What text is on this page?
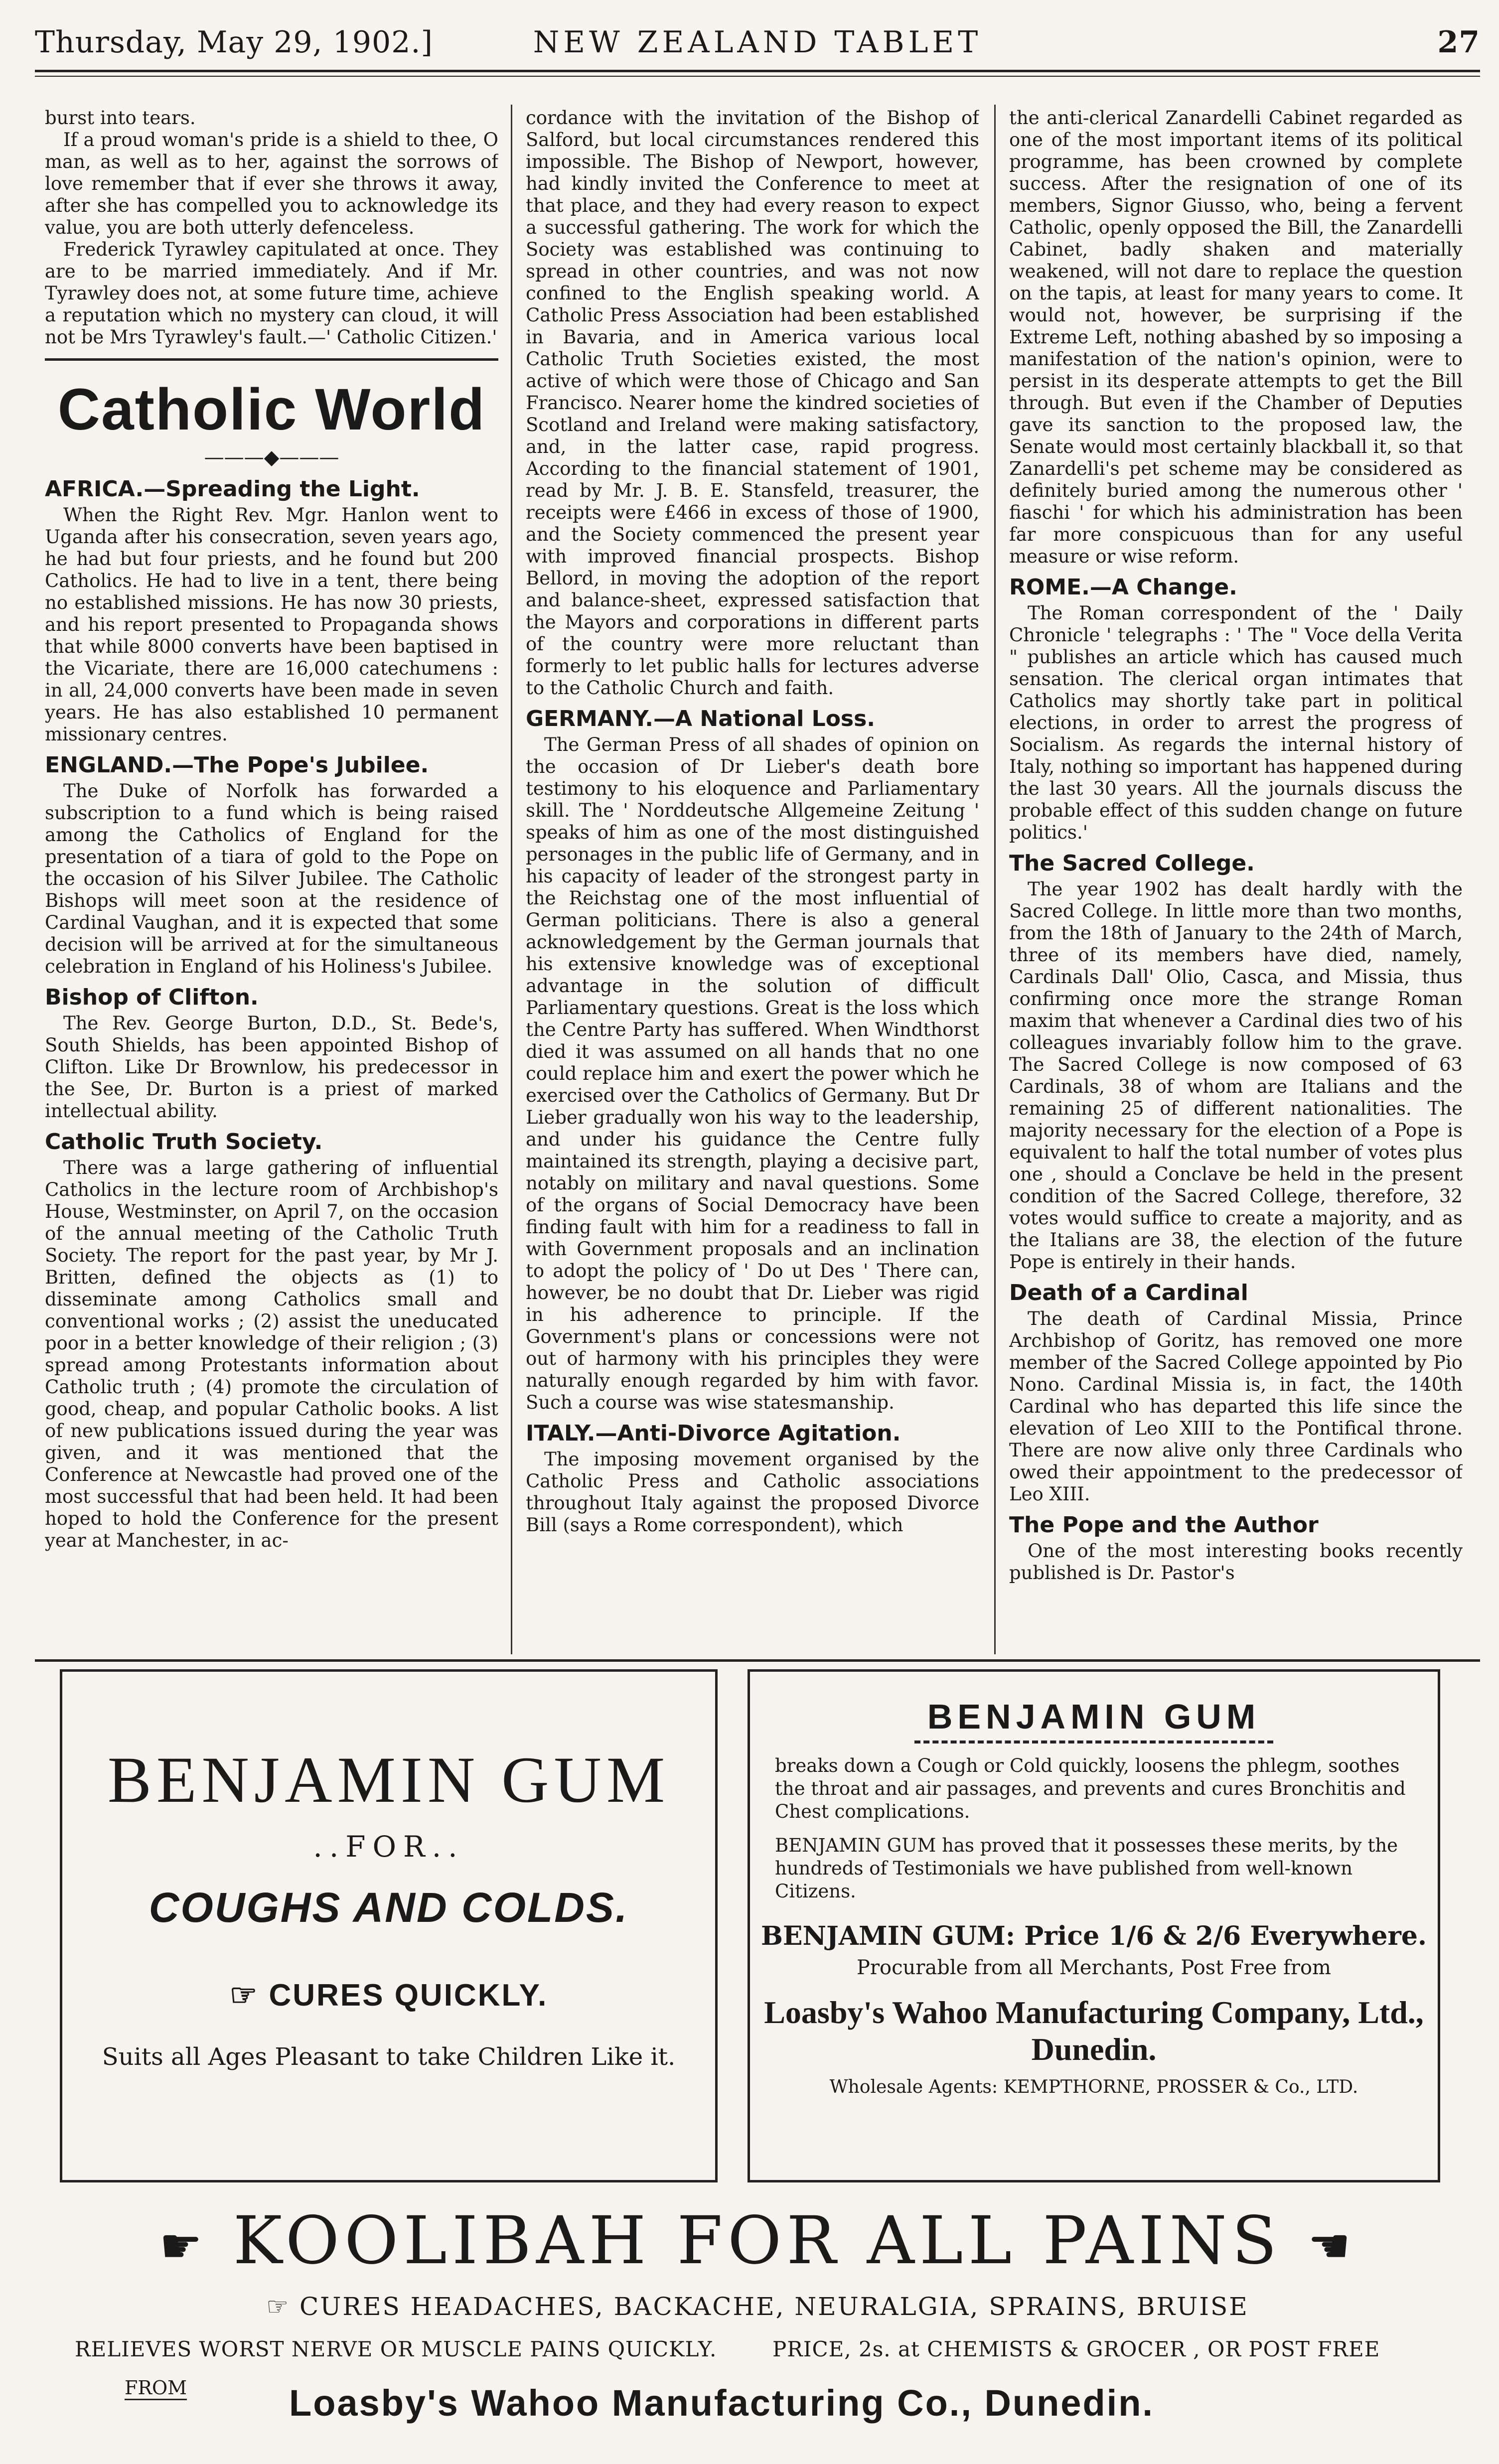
Thursday, May 29, 1902.]	NEW ZEALAND TABLET	27

burst into tears.

If a proud woman's pride is a shield to thee, O man, as well as to her, against the sorrows of love remember that if ever she throws it away, after she has compelled you to acknowledge its value, you are both utterly defenceless.

Frederick Tyrawley capitulated at once. They are to be married immediately. And if Mr. Tyrawley does not, at some future time, achieve a reputation which no mystery can cloud, it will not be Mrs Tyrawley's fault.—' Catholic Citizen.'

Catholic World
———◆———
AFRICA.—Spreading the Light.

When the Right Rev. Mgr. Hanlon went to Uganda after his consecration, seven years ago, he had but four priests, and he found but 200 Catholics. He had to live in a tent, there being no established missions. He has now 30 priests, and his report presented to Propaganda shows that while 8000 converts have been baptised in the Vicariate, there are 16,000 catechumens : in all, 24,000 converts have been made in seven years. He has also established 10 permanent missionary centres.

ENGLAND.—The Pope's Jubilee.

The Duke of Norfolk has forwarded a subscription to a fund which is being raised among the Catholics of England for the presentation of a tiara of gold to the Pope on the occasion of his Silver Jubilee. The Catholic Bishops will meet soon at the residence of Cardinal Vaughan, and it is expected that some decision will be arrived at for the simultaneous celebration in England of his Holiness's Jubilee.

Bishop of Clifton.

The Rev. George Burton, D.D., St. Bede's, South Shields, has been appointed Bishop of Clifton. Like Dr Brownlow, his predecessor in the See, Dr. Burton is a priest of marked intellectual ability.

Catholic Truth Society.

There was a large gathering of influential Catholics in the lecture room of Archbishop's House, Westminster, on April 7, on the occasion of the annual meeting of the Catholic Truth Society. The report for the past year, by Mr J. Britten, defined the objects as (1) to disseminate among Catholics small and conventional works ; (2) assist the uneducated poor in a better knowledge of their religion ; (3) spread among Protestants information about Catholic truth ; (4) promote the circulation of good, cheap, and popular Catholic books. A list of new publications issued during the year was given, and it was mentioned that the Conference at Newcastle had proved one of the most successful that had been held. It had been hoped to hold the Conference for the present year at Manchester, in ac-

cordance with the invitation of the Bishop of Salford, but local circumstances rendered this impossible. The Bishop of Newport, however, had kindly invited the Conference to meet at that place, and they had every reason to expect a successful gathering. The work for which the Society was established was continuing to spread in other countries, and was not now confined to the English speaking world. A Catholic Press Association had been established in Bavaria, and in America various local Catholic Truth Societies existed, the most active of which were those of Chicago and San Francisco. Nearer home the kindred societies of Scotland and Ireland were making satisfactory, and, in the latter case, rapid progress. According to the financial statement of 1901, read by Mr. J. B. E. Stansfeld, treasurer, the receipts were £466 in excess of those of 1900, and the Society commenced the present year with improved financial prospects. Bishop Bellord, in moving the adoption of the report and balance-sheet, expressed satisfaction that the Mayors and corporations in different parts of the country were more reluctant than formerly to let public halls for lectures adverse to the Catholic Church and faith.

GERMANY.—A National Loss.

The German Press of all shades of opinion on the occasion of Dr Lieber's death bore testimony to his eloquence and Parliamentary skill. The ' Norddeutsche Allgemeine Zeitung ' speaks of him as one of the most distinguished personages in the public life of Germany, and in his capacity of leader of the strongest party in the Reichstag one of the most influential of German politicians. There is also a general acknowledgement by the German journals that his extensive knowledge was of exceptional advantage in the solution of difficult Parliamentary questions. Great is the loss which the Centre Party has suffered. When Windthorst died it was assumed on all hands that no one could replace him and exert the power which he exercised over the Catholics of Germany. But Dr Lieber gradually won his way to the leadership, and under his guidance the Centre fully maintained its strength, playing a decisive part, notably on military and naval questions. Some of the organs of Social Democracy have been finding fault with him for a readiness to fall in with Government proposals and an inclination to adopt the policy of ' Do ut Des ' There can, however, be no doubt that Dr. Lieber was rigid in his adherence to principle. If the Government's plans or concessions were not out of harmony with his principles they were naturally enough regarded by him with favor. Such a course was wise statesmanship.

ITALY.—Anti-Divorce Agitation.

The imposing movement organised by the Catholic Press and Catholic associations throughout Italy against the proposed Divorce Bill (says a Rome correspondent), which

the anti-clerical Zanardelli Cabinet regarded as one of the most important items of its political programme, has been crowned by complete success. After the resignation of one of its members, Signor Giusso, who, being a fervent Catholic, openly opposed the Bill, the Zanardelli Cabinet, badly shaken and materially weakened, will not dare to replace the question on the tapis, at least for many years to come. It would not, however, be surprising if the Extreme Left, nothing abashed by so imposing a manifestation of the nation's opinion, were to persist in its desperate attempts to get the Bill through. But even if the Chamber of Deputies gave its sanction to the proposed law, the Senate would most certainly blackball it, so that Zanardelli's pet scheme may be considered as definitely buried among the numerous other ' fiaschi ' for which his administration has been far more conspicuous than for any useful measure or wise reform.

ROME.—A Change.

The Roman correspondent of the ' Daily Chronicle ' telegraphs : ' The " Voce della Verita " publishes an article which has caused much sensation. The clerical organ intimates that Catholics may shortly take part in political elections, in order to arrest the progress of Socialism. As regards the internal history of Italy, nothing so important has happened during the last 30 years. All the journals discuss the probable effect of this sudden change on future politics.'

The Sacred College.

The year 1902 has dealt hardly with the Sacred College. In little more than two months, from the 18th of January to the 24th of March, three of its members have died, namely, Cardinals Dall' Olio, Casca, and Missia, thus confirming once more the strange Roman maxim that whenever a Cardinal dies two of his colleagues invariably follow him to the grave. The Sacred College is now composed of 63 Cardinals, 38 of whom are Italians and the remaining 25 of different nationalities. The majority necessary for the election of a Pope is equivalent to half the total number of votes plus one , should a Conclave be held in the present condition of the Sacred College, therefore, 32 votes would suffice to create a majority, and as the Italians are 38, the election of the future Pope is entirely in their hands.

Death of a Cardinal

The death of Cardinal Missia, Prince Archbishop of Goritz, has removed one more member of the Sacred College appointed by Pio Nono. Cardinal Missia is, in fact, the 140th Cardinal who has departed this life since the elevation of Leo XIII to the Pontifical throne. There are now alive only three Cardinals who owed their appointment to the predecessor of Leo XIII.

The Pope and the Author

One of the most interesting books recently published is Dr. Pastor's

BENJAMIN GUM
..FOR..
COUGHS AND COLDS.
☞ CURES QUICKLY.
Suits all Ages Pleasant to take Children Like it.
BENJAMIN GUM

breaks down a Cough or Cold quickly, loosens the phlegm, soothes the throat and air passages, and prevents and cures Bronchitis and Chest complications.

BENJAMIN GUM has proved that it possesses these merits, by the hundreds of Testimonials we have published from well-known Citizens.

BENJAMIN GUM: Price 1/6 & 2/6 Everywhere.
Procurable from all Merchants, Post Free from
Loasby's Wahoo Manufacturing Company, Ltd., Dunedin.
Wholesale Agents: KEMPTHORNE, PROSSER & Co., LTD.
☛ KOOLIBAH FOR ALL PAINS ☚
☞ CURES HEADACHES, BACKACHE, NEURALGIA, SPRAINS, BRUISE
RELIEVES WORST NERVE OR MUSCLE PAINS QUICKLY.	PRICE, 2s. at CHEMISTS & GROCER , OR POST FREE
FROM	Loasby's Wahoo Manufacturing Co., Dunedin.
